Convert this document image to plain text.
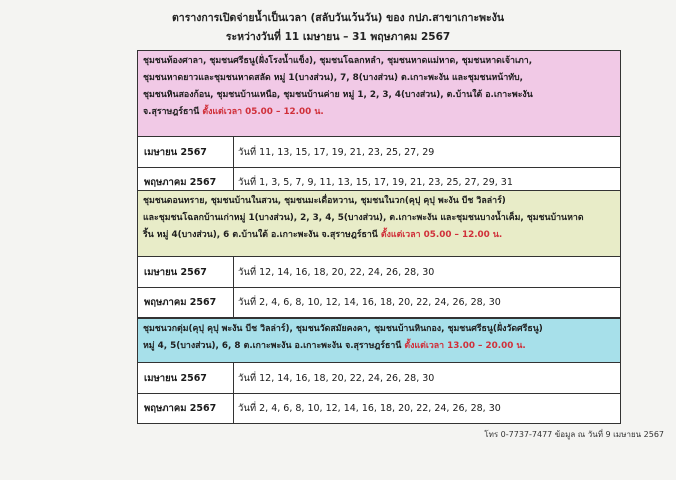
ตารางการเปิดจ่ายน้ำเป็นเวลา (สลับวันเว้นวัน) ของ กปภ.สาขาเกาะพะงัน
ระหว่างวันที่ 11 เมษายน – 31 พฤษภาคม 2567
ชุมชนท้องศาลา, ชุมชนศรีธนู(ฝั่งโรงน้ำแข็ง), ชุมชนโฉลกหลำ, ชุมชนหาดแม่หาด, ชุมชนหาดเจ้าเภา,
ชุมชนหาดยาวและชุมชนหาดสลัด หมู่ 1(บางส่วน), 7, 8(บางส่วน) ต.เกาะพะงัน และชุมชนหน้าทับ,
ชุมชนหินสองก้อน, ชุมชนบ้านเหนือ, ชุมชนบ้านค่าย หมู่ 1, 2, 3, 4(บางส่วน), ต.บ้านใต้ อ.เกาะพะงัน
จ.สุราษฎร์ธานี ตั้งแต่เวลา 05.00 – 12.00 น.
เมษายน 2567	วันที่ 11, 13, 15, 17, 19, 21, 23, 25, 27, 29
พฤษภาคม 2567	วันที่ 1, 3, 5, 7, 9, 11, 13, 15, 17, 19, 21, 23, 25, 27, 29, 31
ชุมชนดอนทราย, ชุมชนบ้านในสวน, ชุมชนมะเดื่อหวาน, ชุมชนในวก(คุปุ คุปุ พะงัน บีช วิลล่าร์)
และชุมชนโฉลกบ้านเก่าหมู่ 1(บางส่วน), 2, 3, 4, 5(บางส่วน), ต.เกาะพะงัน และชุมชนบางน้ำเค็ม, ชุมชนบ้านหาด
ริ้น หมู่ 4(บางส่วน), 6 ต.บ้านใต้ อ.เกาะพะงัน จ.สุราษฎร์ธานี ตั้งแต่เวลา 05.00 – 12.00 น.
เมษายน 2567	วันที่ 12, 14, 16, 18, 20, 22, 24, 26, 28, 30
พฤษภาคม 2567	วันที่ 2, 4, 6, 8, 10, 12, 14, 16, 18, 20, 22, 24, 26, 28, 30
ชุมชนวกตุ่ม(คุปุ คุปุ พะงัน บีช วิลล่าร์), ชุมชนวัดสมัยคงคา, ชุมชนบ้านหินกอง, ชุมชนศรีธนู(ฝั่งวัดศรีธนู)
หมู่ 4, 5(บางส่วน), 6, 8 ต.เกาะพะงัน อ.เกาะพะงัน จ.สุราษฎร์ธานี ตั้งแต่เวลา 13.00 – 20.00 น.
เมษายน 2567	วันที่ 12, 14, 16, 18, 20, 22, 24, 26, 28, 30
พฤษภาคม 2567	วันที่ 2, 4, 6, 8, 10, 12, 14, 16, 18, 20, 22, 24, 26, 28, 30
โทร 0-7737-7477 ข้อมูล ณ วันที่ 9 เมษายน 2567
